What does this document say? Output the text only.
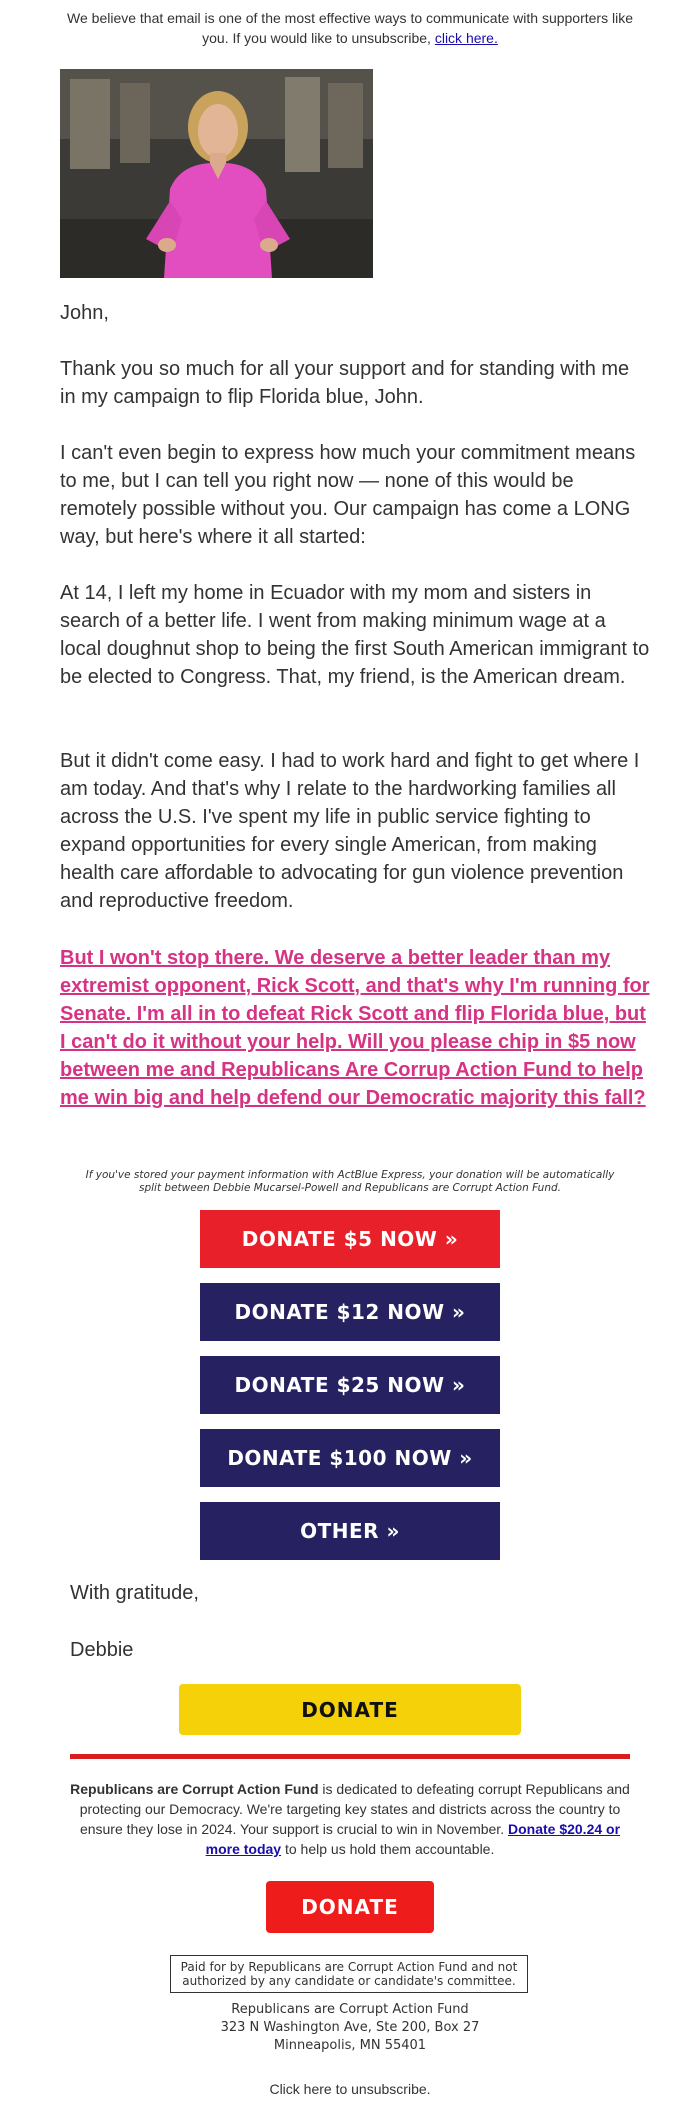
We believe that email is one of the most effective ways to communicate with supporters like you. If you would like to unsubscribe, click here.

John,

Thank you so much for all your support and for standing with me in my campaign to flip Florida blue, John.

I can't even begin to express how much your commitment means to me, but I can tell you right now — none of this would be remotely possible without you. Our campaign has come a LONG way, but here's where it all started:

At 14, I left my home in Ecuador with my mom and sisters in search of a better life. I went from making minimum wage at a local doughnut shop to being the first South American immigrant to be elected to Congress. That, my friend, is the American dream.

But it didn't come easy. I had to work hard and fight to get where I am today. And that's why I relate to the hardworking families all across the U.S. I've spent my life in public service fighting to expand opportunities for every single American, from making health care affordable to advocating for gun violence prevention and reproductive freedom.

But I won't stop there. We deserve a better leader than my extremist opponent, Rick Scott, and that's why I'm running for Senate. I'm all in to defeat Rick Scott and flip Florida blue, but I can't do it without your help. Will you please chip in $5 now between me and Republicans Are Corrup Action Fund to help me win big and help defend our Democratic majority this fall?
If you've stored your payment information with ActBlue Express, your donation will be automatically split between Debbie Mucarsel-Powell and Republicans are Corrupt Action Fund.
DONATE $5 NOW »
DONATE $12 NOW »
DONATE $25 NOW »
DONATE $100 NOW »
OTHER »
With gratitude,
Debbie
DONATE
Republicans are Corrupt Action Fund is dedicated to defeating corrupt Republicans and protecting our Democracy. We're targeting key states and districts across the country to ensure they lose in 2024. Your support is crucial to win in November. Donate $20.24 or more today to help us hold them accountable.
DONATE
Paid for by Republicans are Corrupt Action Fund and not authorized by any candidate or candidate's committee.
Republicans are Corrupt Action Fund
323 N Washington Ave, Ste 200, Box 27
Minneapolis, MN 55401
Click here to unsubscribe.
